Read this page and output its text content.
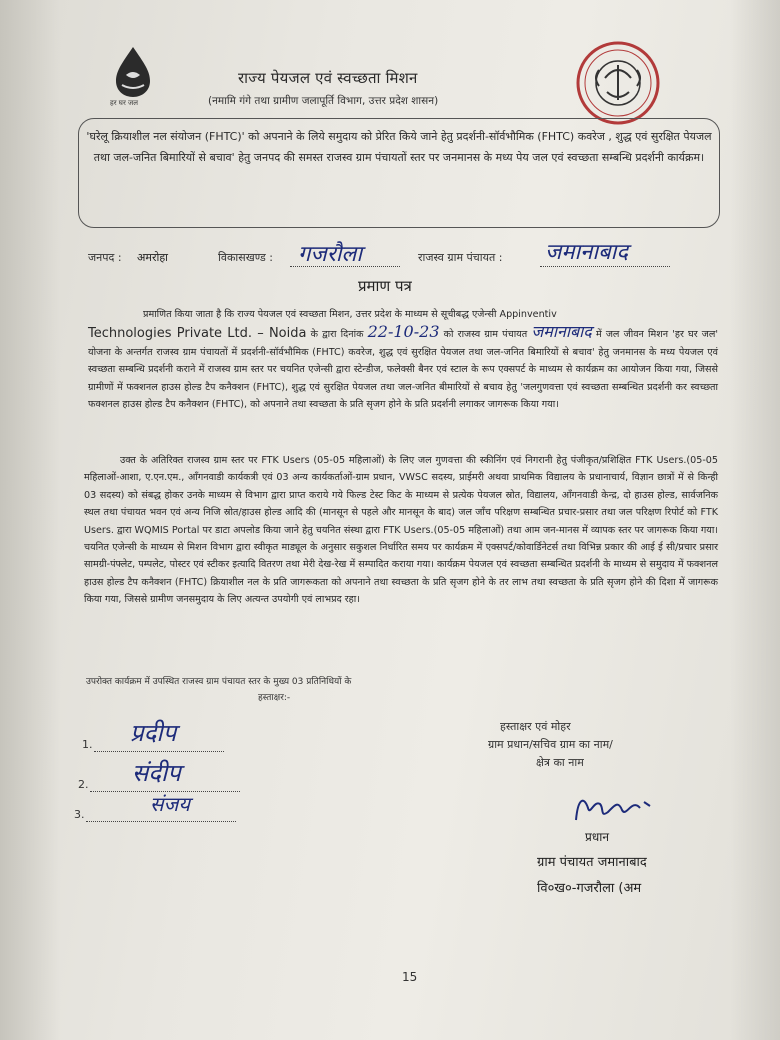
हर घर जल
राज्य पेयजल एवं स्वच्छता मिशन
(नमामि गंगे तथा ग्रामीण जलापूर्ति विभाग, उत्तर प्रदेश शासन)
'घरेलू क्रियाशील नल संयोजन (FHTC)' को अपनाने के लिये समुदाय को प्रेरित किये जाने हेतु प्रदर्शनी-सॉर्वभौमिक (FHTC) कवरेज , शुद्ध एवं सुरक्षित पेयजल तथा जल-जनित बिमारियों से बचाव' हेतु जनपद की समस्त राजस्व ग्राम पंचायतों स्तर पर जनमानस के मध्य पेय जल एवं स्वच्छता सम्बन्धि प्रदर्शनी कार्यक्रम।
जनपद : अमरोहा	विकासखण्ड : गजरौला	राजस्व ग्राम पंचायत : जमानाबाद
प्रमाण पत्र
प्रमाणित किया जाता है कि राज्य पेयजल एवं स्वच्छता मिशन, उत्तर प्रदेश के माध्यम से सूचीबद्ध एजेन्सी Appinventiv
Technologies Private Ltd. – Noida के द्वारा दिनांक 22-10-23 को राजस्व ग्राम पंचायत जमानाबाद में जल जीवन मिशन 'हर घर जल' योजना के अन्तर्गत राजस्व ग्राम पंचायतों में प्रदर्शनी-सॉर्वभौमिक (FHTC) कवरेज, शुद्ध एवं सुरक्षित पेयजल तथा जल-जनित बिमारियों से बचाव' हेतु जनमानस के मध्य पेयजल एवं स्वच्छता सम्बन्धि प्रदर्शनी कराने में राजस्व ग्राम स्तर पर चयनित एजेन्सी द्वारा स्टेन्डीज, फलेक्सी बैनर एवं स्टाल के रूप एक्सपर्ट के माध्यम से कार्यक्रम का आयोजन किया गया, जिससे ग्रामीणों में फक्शनल हाउस होल्ड टैप कनैक्शन (FHTC), शुद्ध एवं सुरक्षित पेयजल तथा जल-जनित बीमारियों से बचाव हेतु 'जलगुणवत्ता एवं स्वच्छता सम्बन्धित प्रदर्शनी कर स्वच्छ्ता फक्शनल हाउस होल्ड टैप कनैक्शन (FHTC), को अपनाने तथा स्वच्छता के प्रति सृजग होने के प्रति प्रदर्शनी लगाकर जागरूक किया गया।
उक्त के अतिरिक्त राजस्व ग्राम स्तर पर FTK Users (05-05 महिलाओं) के लिए जल गुणवत्ता की स्कीनिंग एवं निगरानी हेतु पंजीकृत/प्रशिक्षित FTK Users.(05-05 महिलाओं-आशा, ए.एन.एम., आँगनवाडी कार्यकत्री एवं 03 अन्य कार्यकर्ताओं-ग्राम प्रधान, VWSC सदस्य, प्राईमरी अथवा प्राथमिक विद्यालय के प्रधानाचार्य, विज्ञान छात्रों में से किन्ही 03 सदस्य) को संबद्ध होकर उनके माध्यम से विभाग द्वारा प्राप्त कराये गये फिल्ड टेस्ट किट के माध्यम से प्रत्येक पेयजल स्रोत, विद्यालय, आँगनवाडी केन्द्र, दो हाउस होल्ड, सार्वजनिक स्थल तथा पंचायत भवन एवं अन्य निजि स्रोत/हाउस होल्ड आदि की (मानसून से पहले और मानसून के बाद) जल जाँच परिक्षण सम्बन्धित प्रचार-प्रसार तथा जल परिक्षण रिपोर्ट को FTK Users. द्वारा WQMIS Portal पर डाटा अपलोड किया जाने हेतु चयनित संस्था द्वारा FTK Users.(05-05 महिलाओं) तथा आम जन-मानस में व्यापक स्तर पर जागरूक किया गया। चयनित एजेन्सी के माध्यम से मिशन विभाग द्वारा स्वीकृत माड्यूल के अनुसार सकुशल निर्धारित समय पर कार्यक्रम में एक्सपर्ट/कोवार्डिनेटर्स तथा विभिन्न प्रकार की आई ई सी/प्रचार प्रसार सामग्री-पंफ्लेट, पम्पलेट, पोस्टर एवं स्टीकर इत्यादि वितरण तथा मेरी देख-रेख में सम्पादित कराया गया। कार्यक्रम पेयजल एवं स्वच्छता सम्बन्धित प्रदर्शनी के माध्यम से समुदाय में फक्शनल हाउस होल्ड टैप कनैक्शन (FHTC) क्रियाशील नल के प्रति जागरूकता को अपनाने तथा स्वच्छता के प्रति सृजग होने के तर लाभ तथा स्वच्छता के प्रति सृजग होने की दिशा में जागरूक किया गया, जिससे ग्रामीण जनसमुदाय के लिए अत्यन्त उपयोगी एवं लाभप्रद रहा।
उपरोक्त कार्यक्रम में उपस्थित राजस्व ग्राम पंचायत स्तर के मुख्य 03 प्रतिनिधियों के
हस्ताक्षर:-
1. प्रदीप
2. संदीप
3.	संजय
हस्ताक्षर एवं मोहर
ग्राम प्रधान/सचिव ग्राम का नाम/
क्षेत्र का नाम
प्रधान
ग्राम पंचायत जमानाबाद
वि०ख०-गजरौला (अम
15
